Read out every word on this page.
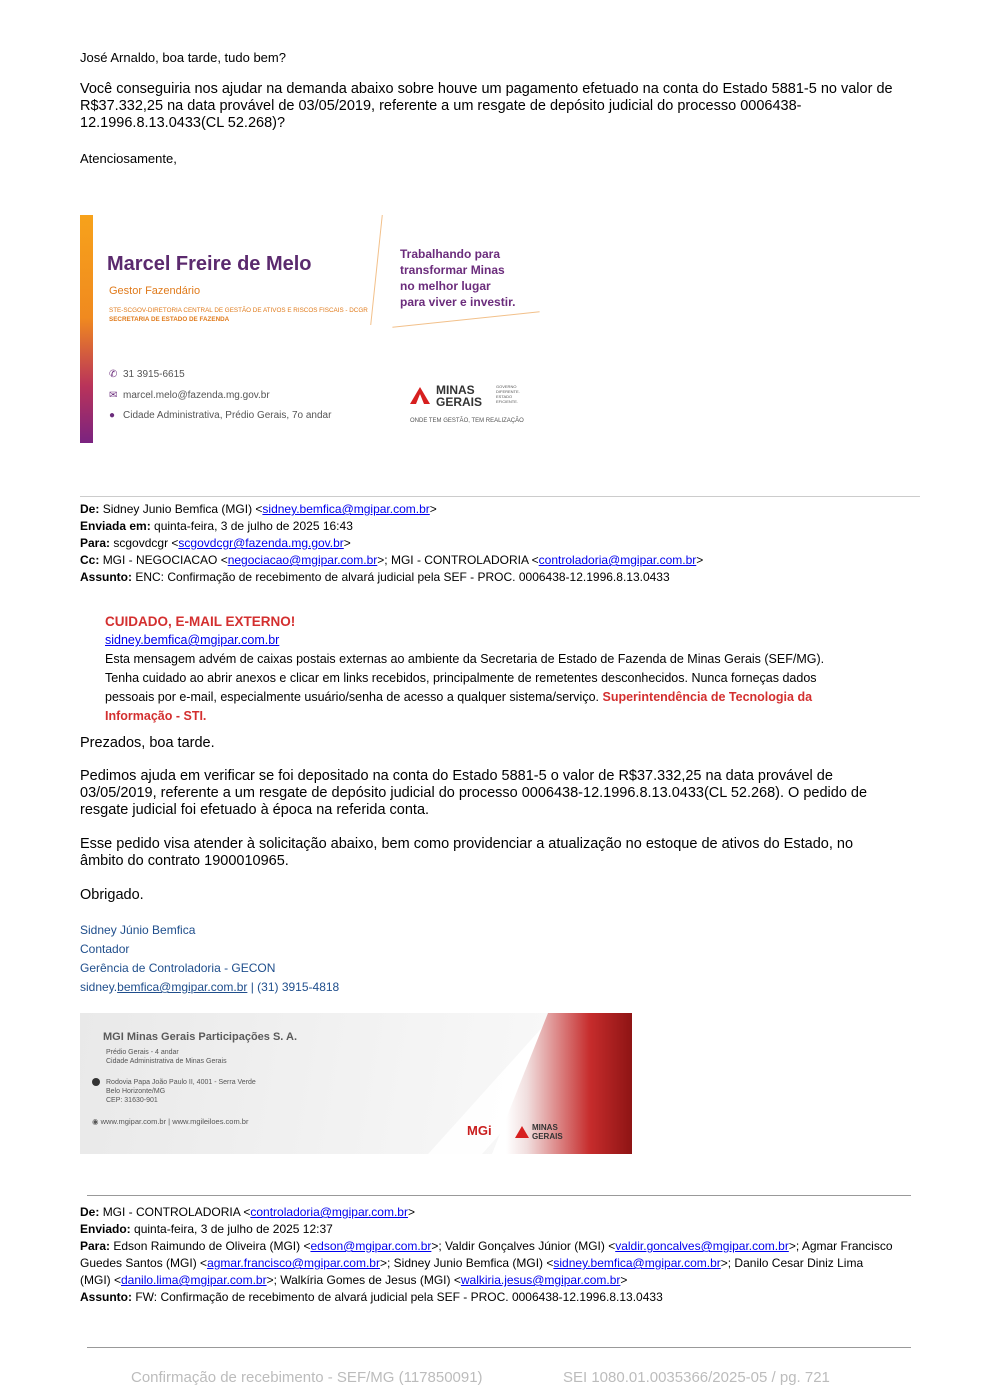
José Arnaldo, boa tarde, tudo bem?
Você conseguiria nos ajudar na demanda abaixo sobre houve um pagamento efetuado na conta do Estado 5881-5 no valor de
R$37.332,25 na data provável de 03/05/2019, referente a um resgate de depósito judicial do processo 0006438-
12.1996.8.13.0433(CL 52.268)?
Atenciosamente,
Marcel Freire de Melo
Gestor Fazendário
STE-SCGOV-DIRETORIA CENTRAL DE GESTÃO DE ATIVOS E RISCOS FISCAIS - DCGR
SECRETARIA DE ESTADO DE FAZENDA
✆ 31 3915-6615
✉ marcel.melo@fazenda.mg.gov.br
● Cidade Administrativa, Prédio Gerais, 7o andar
Trabalhando para
transformar Minas
no melhor lugar
para viver e investir.
MINAS
GERAIS
GOVERNO
DIFERENTE.
ESTADO
EFICIENTE.
ONDE TEM GESTÃO, TEM REALIZAÇÃO
De: Sidney Junio Bemfica (MGI) <sidney.bemfica@mgipar.com.br>
Enviada em: quinta-feira, 3 de julho de 2025 16:43
Para: scgovdcgr <scgovdcgr@fazenda.mg.gov.br>
Cc: MGI - NEGOCIACAO <negociacao@mgipar.com.br>; MGI - CONTROLADORIA <controladoria@mgipar.com.br>
Assunto: ENC: Confirmação de recebimento de alvará judicial pela SEF - PROC. 0006438-12.1996.8.13.0433
CUIDADO, E-MAIL EXTERNO!
sidney.bemfica@mgipar.com.br
Esta mensagem advém de caixas postais externas ao ambiente da Secretaria de Estado de Fazenda de Minas Gerais (SEF/MG).
Tenha cuidado ao abrir anexos e clicar em links recebidos, principalmente de remetentes desconhecidos. Nunca forneças dados
pessoais por e-mail, especialmente usuário/senha de acesso a qualquer sistema/serviço. Superintendência de Tecnologia da
Informação - STI.
Prezados, boa tarde.
Pedimos ajuda em verificar se foi depositado na conta do Estado 5881-5 o valor de R$37.332,25 na data provável de
03/05/2019, referente a um resgate de depósito judicial do processo 0006438-12.1996.8.13.0433(CL 52.268). O pedido de
resgate judicial foi efetuado à época na referida conta.
Esse pedido visa atender à solicitação abaixo, bem como providenciar a atualização no estoque de ativos do Estado, no
âmbito do contrato 1900010965.
Obrigado.
Sidney Júnio Bemfica
Contador
Gerência de Controladoria - GECON
sidney.bemfica@mgipar.com.br | (31) 3915-4818
MGI Minas Gerais Participações S. A.
Prédio Gerais - 4 andar
Cidade Administrativa de Minas Gerais
Rodovia Papa João Paulo II, 4001 - Serra Verde
Belo Horizonte/MG
CEP: 31630-901
◉ www.mgipar.com.br | www.mgileiloes.com.br
MGi	MINAS
GERAIS
De: MGI - CONTROLADORIA <controladoria@mgipar.com.br>
Enviado: quinta-feira, 3 de julho de 2025 12:37
Para: Edson Raimundo de Oliveira (MGI) <edson@mgipar.com.br>; Valdir Gonçalves Júnior (MGI) <valdir.goncalves@mgipar.com.br>; Agmar Francisco
Guedes Santos (MGI) <agmar.francisco@mgipar.com.br>; Sidney Junio Bemfica (MGI) <sidney.bemfica@mgipar.com.br>; Danilo Cesar Diniz Lima
(MGI) <danilo.lima@mgipar.com.br>; Walkíria Gomes de Jesus (MGI) <walkiria.jesus@mgipar.com.br>
Assunto: FW: Confirmação de recebimento de alvará judicial pela SEF - PROC. 0006438-12.1996.8.13.0433
Confirmação de recebimento - SEF/MG (117850091)	SEI 1080.01.0035366/2025-05 / pg. 721
